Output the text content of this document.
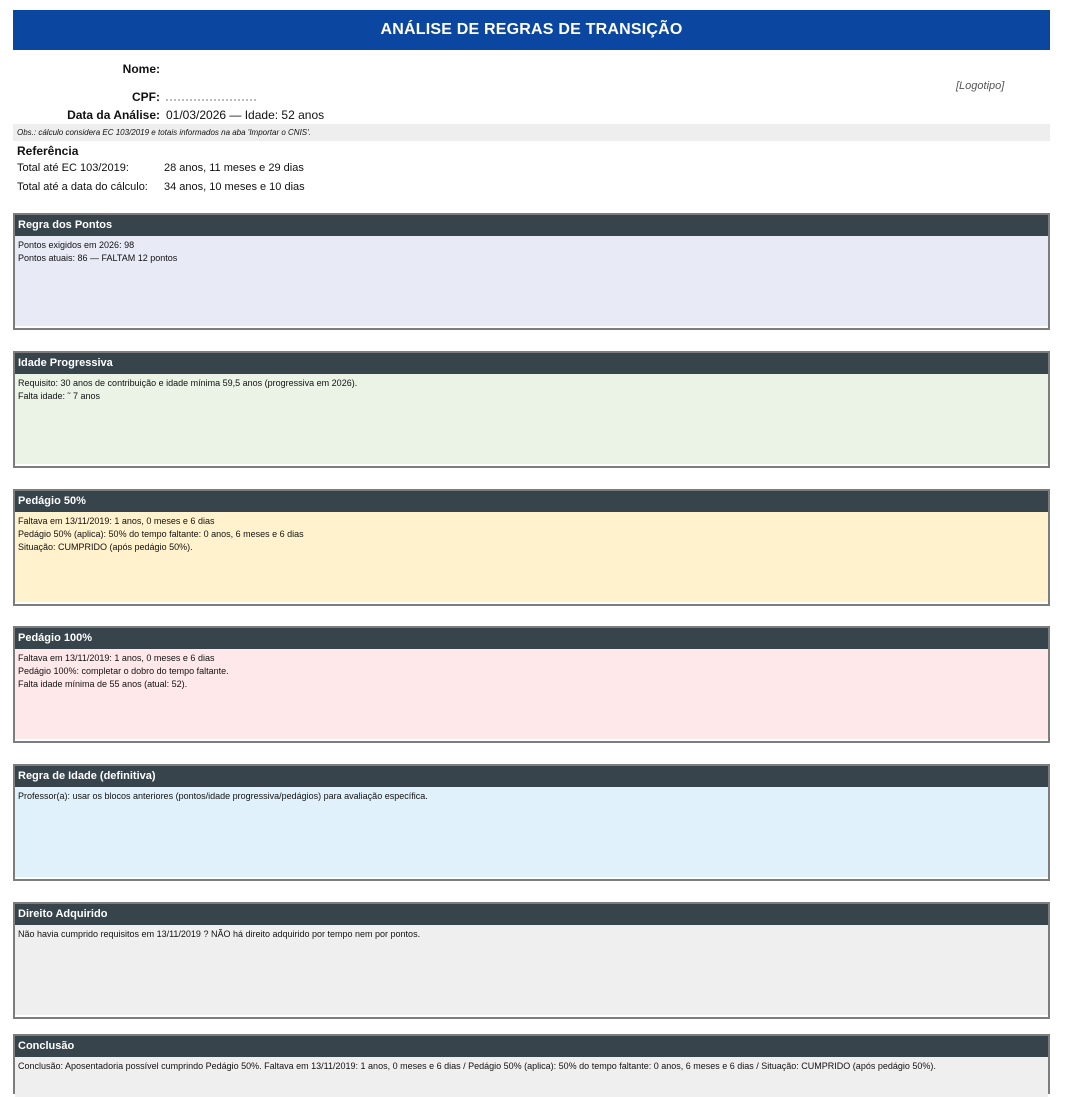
ANÁLISE DE REGRAS DE TRANSIÇÃO
Nome:
CPF:
Data da Análise: 01/03/2026 — Idade: 52 anos
[Logotipo]
Obs.: cálculo considera EC 103/2019 e totais informados na aba 'Importar o CNIS'.
Referência
Total até EC 103/2019:	28 anos, 11 meses e 29 dias
Total até a data do cálculo: 34 anos, 10 meses e 10 dias
Regra dos Pontos
Pontos exigidos em 2026: 98
Pontos atuais: 86 — FALTAM 12 pontos
Idade Progressiva
Requisito: 30 anos de contribuição e idade mínima 59,5 anos (progressiva em 2026).
Falta idade: ˜ 7 anos
Pedágio 50%
Faltava em 13/11/2019: 1 anos, 0 meses e 6 dias
Pedágio 50% (aplica): 50% do tempo faltante: 0 anos, 6 meses e 6 dias
Situação: CUMPRIDO (após pedágio 50%).
Pedágio 100%
Faltava em 13/11/2019: 1 anos, 0 meses e 6 dias
Pedágio 100%: completar o dobro do tempo faltante.
Falta idade mínima de 55 anos (atual: 52).
Regra de Idade (definitiva)
Professor(a): usar os blocos anteriores (pontos/idade progressiva/pedágios) para avaliação específica.
Direito Adquirido
Não havia cumprido requisitos em 13/11/2019 ? NÃO há direito adquirido por tempo nem por pontos.
Conclusão
Conclusão: Aposentadoria possível cumprindo Pedágio 50%. Faltava em 13/11/2019: 1 anos, 0 meses e 6 dias / Pedágio 50% (aplica): 50% do tempo faltante: 0 anos, 6 meses e 6 dias / Situação: CUMPRIDO (após pedágio 50%).
